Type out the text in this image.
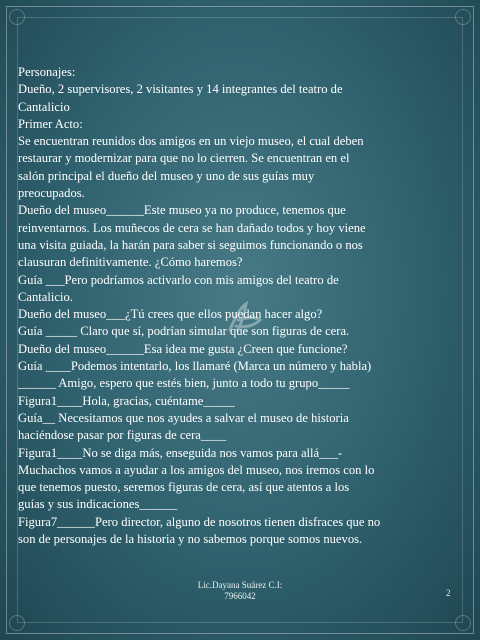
Personajes:
Dueño, 2 supervisores, 2 visitantes y 14 integrantes del teatro de
Cantalicio
Primer Acto:
Se encuentran reunidos dos amigos en un viejo museo, el cual deben
restaurar y modernizar para que no lo cierren. Se encuentran en el
salón principal el dueño del museo y uno de sus guías muy
preocupados.
Dueño del museo______Este museo ya no produce, tenemos que
reinventarnos. Los muñecos de cera se han dañado todos y hoy viene
una visita guiada, la harán para saber si seguimos funcionando o nos
clausuran definitivamente. ¿Cómo haremos?
Guía ___Pero podríamos activarlo con mis amigos del teatro de
Cantalicio.
Dueño del museo___¿Tú crees que ellos puedan hacer algo?
Guía _____ Claro que sí, podrían simular que son figuras de cera.
Dueño del museo______Esa idea me gusta ¿Creen que funcione?
Guía ____Podemos intentarlo, los llamaré (Marca un número y habla)
______ Amigo, espero que estés bien, junto a todo tu grupo_____
Figura1____Hola, gracias, cuéntame_____
Guía__ Necesitamos que nos ayudes a salvar el museo de historia
haciéndose pasar por figuras de cera____
Figura1____No se diga más, enseguida nos vamos para allá___-
Muchachos vamos a ayudar a los amigos del museo, nos iremos con lo
que tenemos puesto, seremos figuras de cera, así que atentos a los
guías y sus indicaciones______
Figura7______Pero director, alguno de nosotros tienen disfraces que no
son de personajes de la historia y no sabemos porque somos nuevos.
Lic.Dayana Suárez C.I:
7966042	2
